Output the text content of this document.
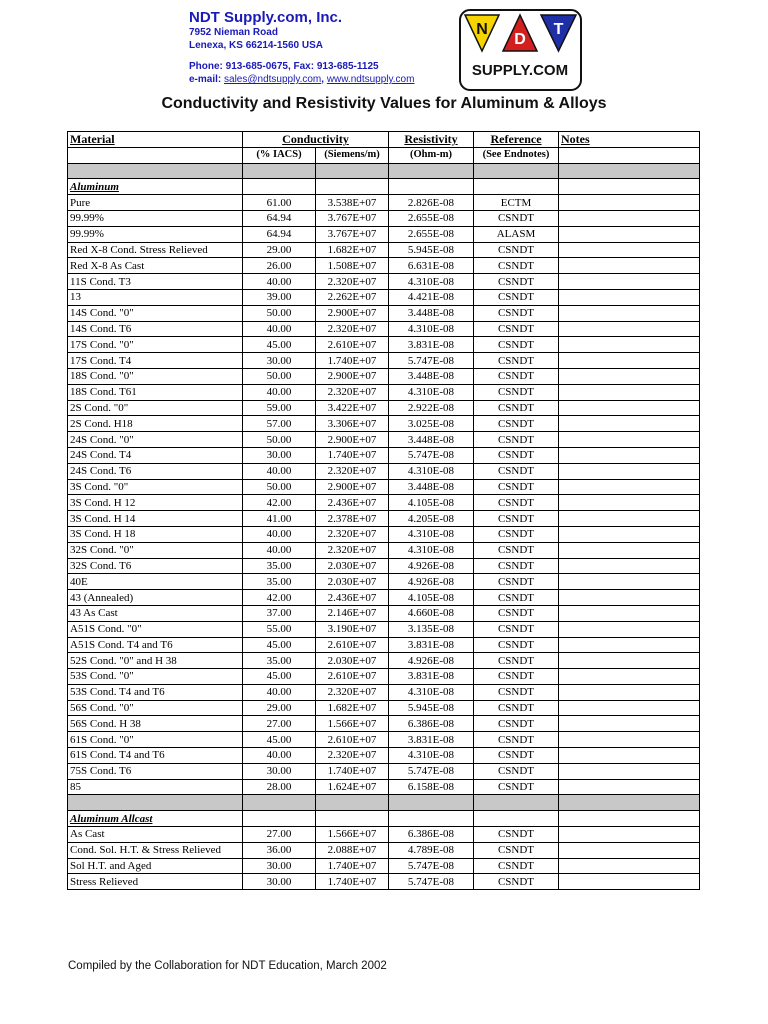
NDT Supply.com, Inc.
7952 Nieman Road
Lenexa, KS 66214-1560 USA
Phone: 913-685-0675, Fax: 913-685-1125
e-mail: sales@ndtsupply.com, www.ndtsupply.com
N
D
T
SUPPLY.COM
Conductivity and Resistivity Values for Aluminum & Alloys
Material	Conductivity		Resistivity	Reference	Notes
	(% IACS)	(Siemens/m)	(Ohm-m)	(See Endnotes)	

Aluminum					
Pure	61.00	3.538E+07	2.826E-08	ECTM	
99.99%	64.94	3.767E+07	2.655E-08	CSNDT	
99.99%	64.94	3.767E+07	2.655E-08	ALASM	
Red X-8 Cond. Stress Relieved	29.00	1.682E+07	5.945E-08	CSNDT	
Red X-8 As Cast	26.00	1.508E+07	6.631E-08	CSNDT	
11S Cond. T3	40.00	2.320E+07	4.310E-08	CSNDT	
13	39.00	2.262E+07	4.421E-08	CSNDT	
14S Cond. "0"	50.00	2.900E+07	3.448E-08	CSNDT	
14S Cond. T6	40.00	2.320E+07	4.310E-08	CSNDT	
17S Cond. "0"	45.00	2.610E+07	3.831E-08	CSNDT	
17S Cond. T4	30.00	1.740E+07	5.747E-08	CSNDT	
18S Cond. "0"	50.00	2.900E+07	3.448E-08	CSNDT	
18S Cond. T61	40.00	2.320E+07	4.310E-08	CSNDT	
2S Cond. "0"	59.00	3.422E+07	2.922E-08	CSNDT	
2S Cond. H18	57.00	3.306E+07	3.025E-08	CSNDT	
24S Cond. "0"	50.00	2.900E+07	3.448E-08	CSNDT	
24S Cond. T4	30.00	1.740E+07	5.747E-08	CSNDT	
24S Cond. T6	40.00	2.320E+07	4.310E-08	CSNDT	
3S Cond. "0"	50.00	2.900E+07	3.448E-08	CSNDT	
3S Cond. H 12	42.00	2.436E+07	4.105E-08	CSNDT	
3S Cond. H 14	41.00	2.378E+07	4.205E-08	CSNDT	
3S Cond. H 18	40.00	2.320E+07	4.310E-08	CSNDT	
32S Cond. "0"	40.00	2.320E+07	4.310E-08	CSNDT	
32S Cond. T6	35.00	2.030E+07	4.926E-08	CSNDT	
40E	35.00	2.030E+07	4.926E-08	CSNDT	
43 (Annealed)	42.00	2.436E+07	4.105E-08	CSNDT	
43 As Cast	37.00	2.146E+07	4.660E-08	CSNDT	
A51S Cond. "0"	55.00	3.190E+07	3.135E-08	CSNDT	
A51S Cond. T4 and T6	45.00	2.610E+07	3.831E-08	CSNDT	
52S Cond. "0" and H 38	35.00	2.030E+07	4.926E-08	CSNDT	
53S Cond. "0"	45.00	2.610E+07	3.831E-08	CSNDT	
53S Cond. T4 and T6	40.00	2.320E+07	4.310E-08	CSNDT	
56S Cond. "0"	29.00	1.682E+07	5.945E-08	CSNDT	
56S Cond. H 38	27.00	1.566E+07	6.386E-08	CSNDT	
61S Cond. "0"	45.00	2.610E+07	3.831E-08	CSNDT	
61S Cond. T4 and T6	40.00	2.320E+07	4.310E-08	CSNDT	
75S Cond. T6	30.00	1.740E+07	5.747E-08	CSNDT	
85	28.00	1.624E+07	6.158E-08	CSNDT	

Aluminum Allcast					
As Cast	27.00	1.566E+07	6.386E-08	CSNDT	
Cond. Sol. H.T. & Stress Relieved	36.00	2.088E+07	4.789E-08	CSNDT	
Sol H.T. and Aged	30.00	1.740E+07	5.747E-08	CSNDT	
Stress Relieved	30.00	1.740E+07	5.747E-08	CSNDT	
Compiled by the Collaboration for NDT Education, March 2002
